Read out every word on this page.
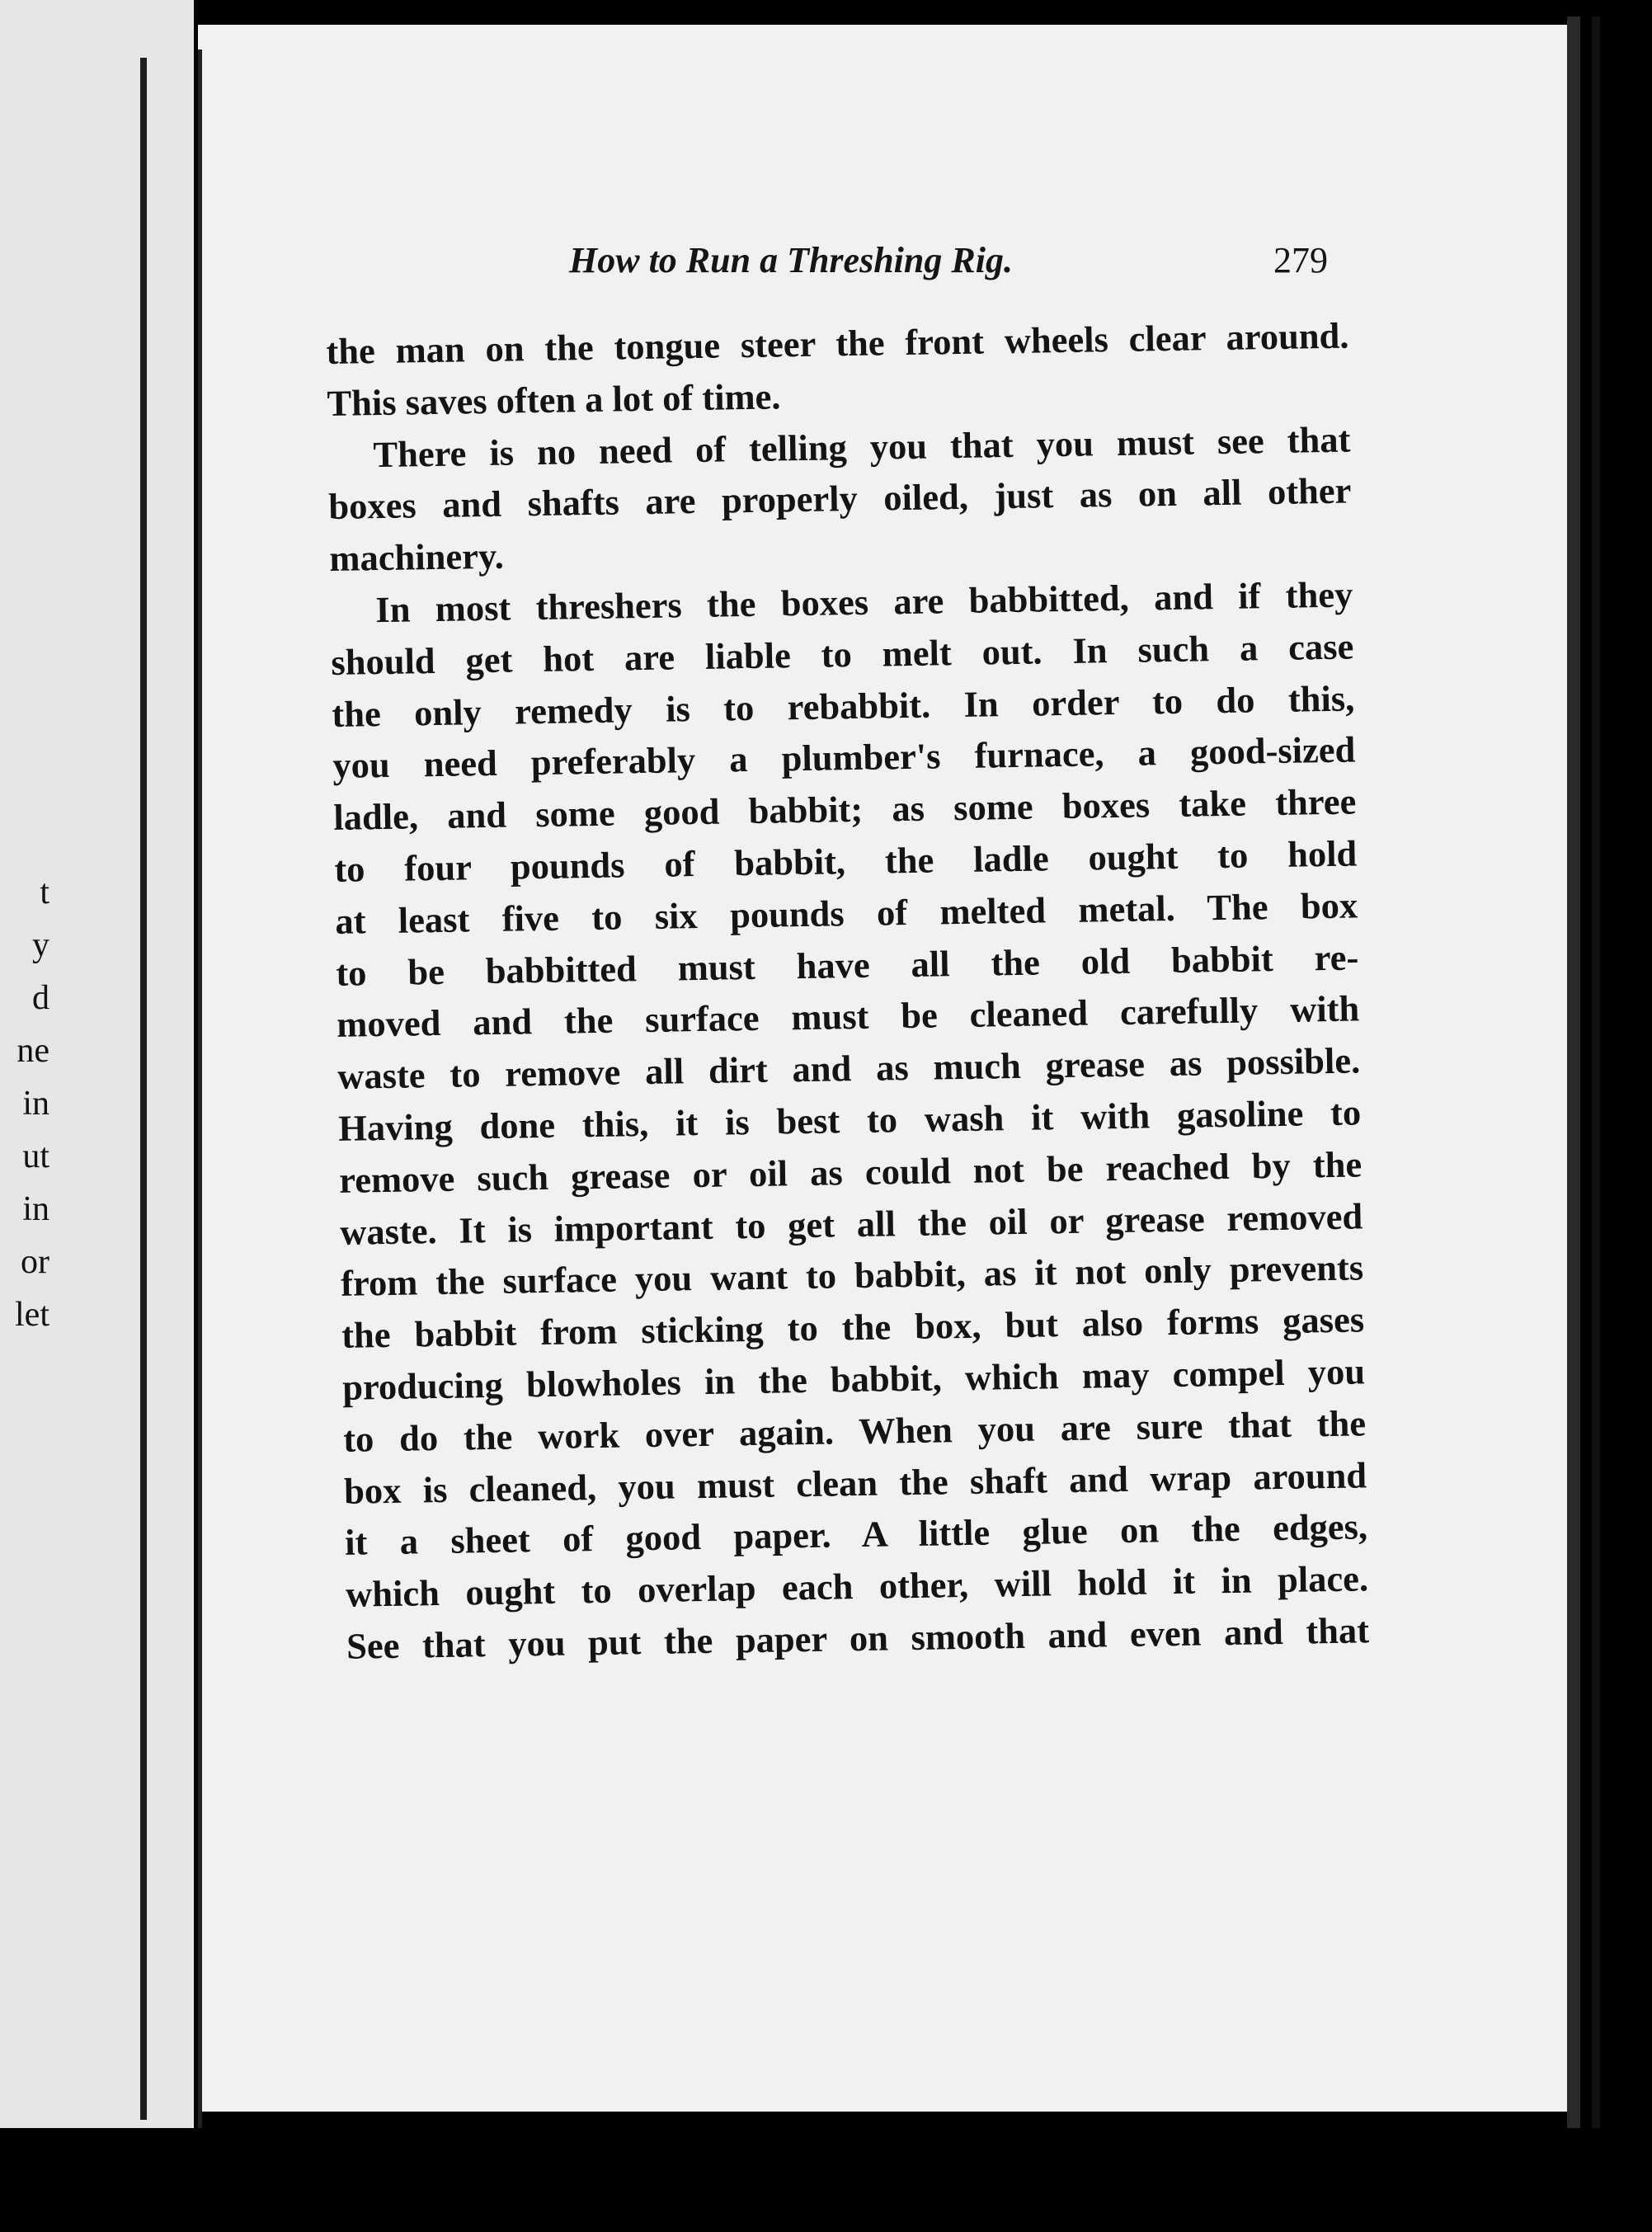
t
y
d
ne
in
ut
in
or
let
How to Run a Threshing Rig.	279
the man on the tongue steer the front wheels clear around.
This saves often a lot of time.
There is no need of telling you that you must see that
boxes and shafts are properly oiled, just as on all other
machinery.
In most threshers the boxes are babbitted, and if they
should get hot are liable to melt out. In such a case
the only remedy is to rebabbit. In order to do this,
you need preferably a plumber's furnace, a good-sized
ladle, and some good babbit; as some boxes take three
to four pounds of babbit, the ladle ought to hold
at least five to six pounds of melted metal. The box
to be babbitted must have all the old babbit re-
moved and the surface must be cleaned carefully with
waste to remove all dirt and as much grease as possible.
Having done this, it is best to wash it with gasoline to
remove such grease or oil as could not be reached by the
waste. It is important to get all the oil or grease removed
from the surface you want to babbit, as it not only prevents
the babbit from sticking to the box, but also forms gases
producing blowholes in the babbit, which may compel you
to do the work over again. When you are sure that the
box is cleaned, you must clean the shaft and wrap around
it a sheet of good paper. A little glue on the edges,
which ought to overlap each other, will hold it in place.
See that you put the paper on smooth and even and that
